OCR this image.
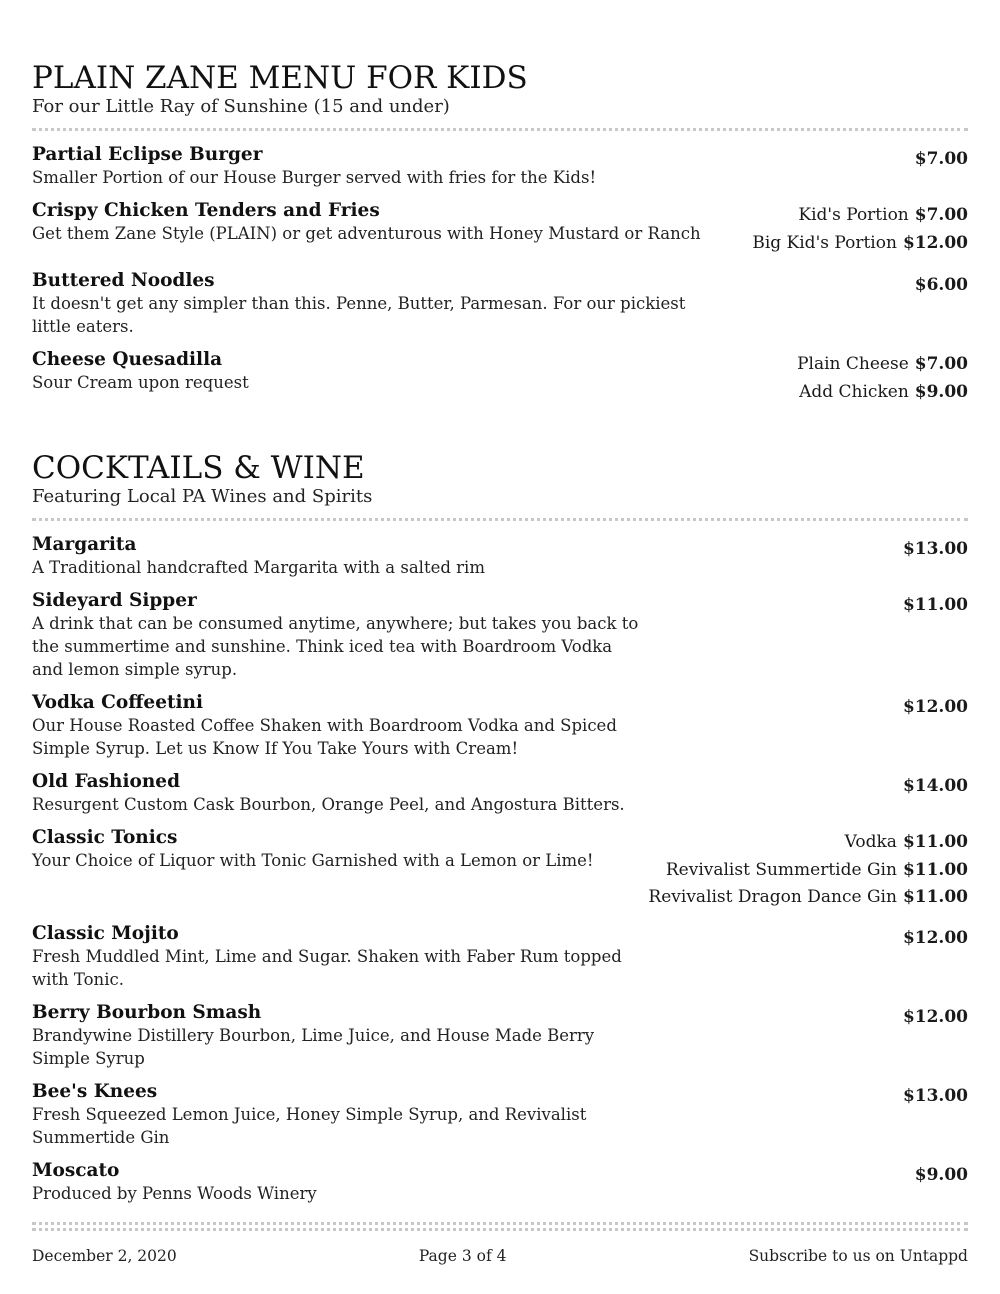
PLAIN ZANE MENU FOR KIDS
For our Little Ray of Sunshine (15 and under)
Partial Eclipse Burger
Smaller Portion of our House Burger served with fries for the Kids!
$7.00
Crispy Chicken Tenders and Fries
Get them Zane Style (PLAIN) or get adventurous with Honey Mustard or Ranch
Kid's Portion $7.00
Big Kid's Portion $12.00
Buttered Noodles
It doesn't get any simpler than this. Penne, Butter, Parmesan. For our pickiest little eaters.
$6.00
Cheese Quesadilla
Sour Cream upon request
Plain Cheese $7.00
Add Chicken $9.00
COCKTAILS & WINE
Featuring Local PA Wines and Spirits
Margarita
A Traditional handcrafted Margarita with a salted rim
$13.00
Sideyard Sipper
A drink that can be consumed anytime, anywhere; but takes you back to the summertime and sunshine. Think iced tea with Boardroom Vodka and lemon simple syrup.
$11.00
Vodka Coffeetini
Our House Roasted Coffee Shaken with Boardroom Vodka and Spiced Simple Syrup. Let us Know If You Take Yours with Cream!
$12.00
Old Fashioned
Resurgent Custom Cask Bourbon, Orange Peel, and Angostura Bitters.
$14.00
Classic Tonics
Your Choice of Liquor with Tonic Garnished with a Lemon or Lime!
Vodka $11.00
Revivalist Summertide Gin $11.00
Revivalist Dragon Dance Gin $11.00
Classic Mojito
Fresh Muddled Mint, Lime and Sugar. Shaken with Faber Rum topped with Tonic.
$12.00
Berry Bourbon Smash
Brandywine Distillery Bourbon, Lime Juice, and House Made Berry Simple Syrup
$12.00
Bee's Knees
Fresh Squeezed Lemon Juice, Honey Simple Syrup, and Revivalist Summertide Gin
$13.00
Moscato
Produced by Penns Woods Winery
$9.00
December 2, 2020	Page 3 of 4	Subscribe to us on Untappd
